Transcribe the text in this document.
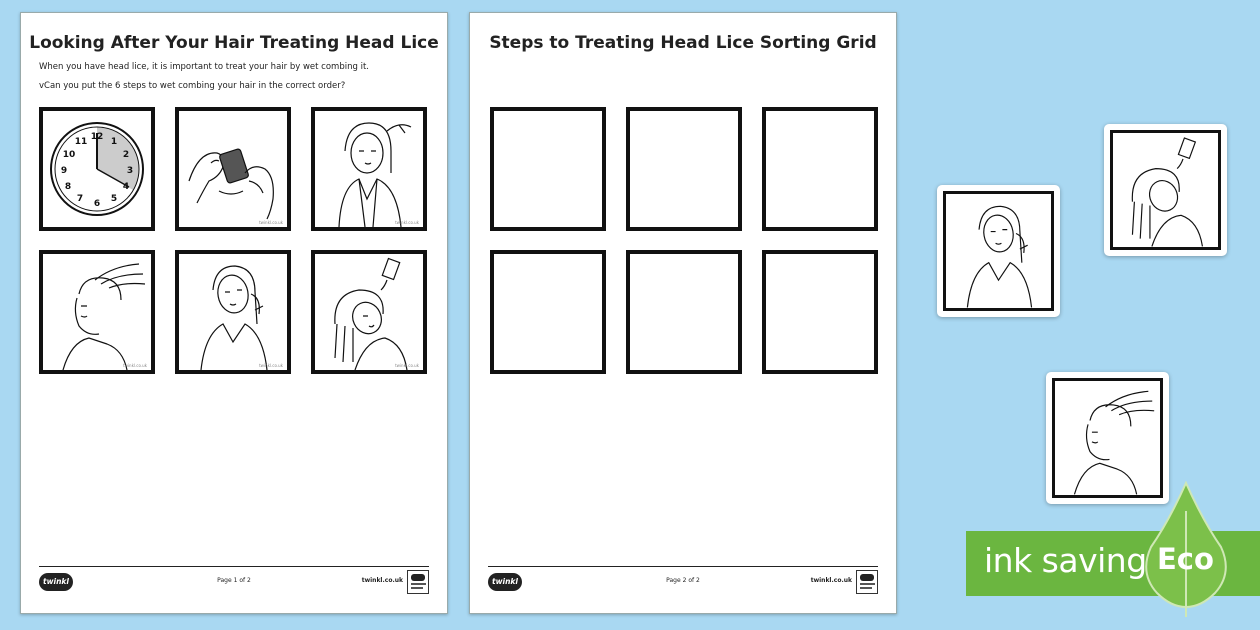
Looking After Your Hair Treating Head Lice
When you have head lice, it is important to treat your hair by wet combing it.
vCan you put the 6 steps to wet combing your hair in the correct order?
12 1
2
3
4
5
6
7
8
9
10
11
twinkl.co.uk	twinkl.co.uk
twinkl.co.uk	twinkl.co.uk	twinkl.co.uk
twinkl	Page 1 of 2	twinkl.co.uk
Steps to Treating Head Lice Sorting Grid
twinkl	Page 2 of 2	twinkl.co.uk
ink saving Eco
